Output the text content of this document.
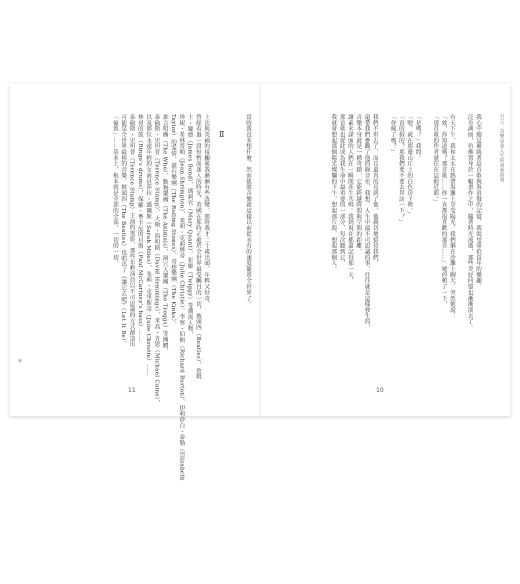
當時我沒多想什麼，然而搖滾音樂就這樣以前從未有的速度籠罩全世界了。
Ⅱ
上次與英國的接觸後我漸漸有些改變，那時我才二十歲出頭，年輕又好奇，
曾經看過一段短暫而迷人的時光，英國在那時正處於全世界最受矚目的一切，披頭四（Beatles）、詹姆
士・龐德（James Bond）、瑪莉官（Mary Quant）、崔姬（Twiggy）等潮流人物，
珍妮・希林普頓（Jean Shrimpton）、茱莉・克莉絲蒂（Julie Christie）、李察・伯頓（Richard Burton）、伊莉莎白・泰勒（Elizabeth
Taylor）的愛情、滾石樂團（The Rolling Stones）、奇想樂團（The Kinks）、
誰合唱團（The Who）、動物樂團（The Animals）、洞穴人樂團（The Troggs）等團體，
泰倫斯・史坦普（Terence Stamp）、大衛・海明斯（David Hemmings）、米高・肯恩（Michael Caine），
以及那位永遠年輕的女演員莎拉・邁爾斯（Sarah Miles）、朱莉・克里斯蒂（Julie Christie）……
林哥的鼓（Ringo's drums），保羅・麥卡尼的貝斯（Paul McCartney's bass）……
泰倫斯・史坦普（Terence Stamp）主演的電影，那些年輕演員以不可思議的方式創造出
可能是全世界最棒的音樂，披頭四（The Beatles）也唱出了《讓它去吧》（Let It Be）、
「倫敦」……基本上，根本就是全部的全部，一切的一切。
11
※
引言：音樂是我人生的重要時刻
我心中總是縈繞著這首歌與海浪聲的記憶，我渴望重拾當年的樂趣，
泛舟湖面，仿佛置身於一幅畫作之中，隨著時光流逝，那些美好回憶也漸漸淡去了。
有天下午，我和太太在熱帶海灘上享受陽光，我們躺在沙灘上聊天，突然她說：
「欸，你知道嗎？那首歌……你一直都很喜歡的那首……」她停頓了一下，
「那首歌的作者就住在這附近耶。」
「是嗎？」我問。
「嗯，就在那邊山丘上的白色房子裡。」
「真的假的？那我們要不要去拜訪一下？」
「你瘋了嗎？」
我們不但去了，而且還真的見到了他，他親切地招待我們，
還帶我們參觀了他的錄音室，我想，人生中最不可思議的事，往往就是這樣發生的，
音樂本身就是一種奇蹟，它能跨越時間與空間的距離，
讓素未謀面的人們在一瞬間產生共鳴。我到現在都還記得那一天，
那首歌也從此成為我生命中最重要的一部分，每次聽到它，
我就會想起那個陽光燦爛的下午，想起那片海，想起那個人。
10
